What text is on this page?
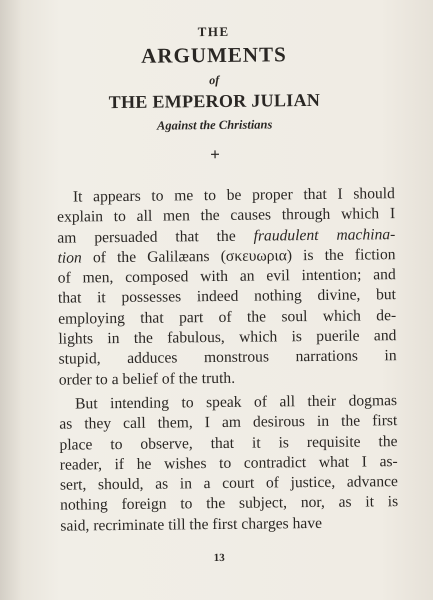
THE
ARGUMENTS
of
THE EMPEROR JULIAN
Against the Christians
+
It appears to me to be proper that I should
explain to all men the causes through which I
am persuaded that the fraudulent machina-
tion of the Galilæans (σκευωρια) is the fiction
of men, composed with an evil intention; and
that it possesses indeed nothing divine, but
employing that part of the soul which de-
lights in the fabulous, which is puerile and
stupid, adduces monstrous narrations in
order to a belief of the truth.
But intending to speak of all their dogmas
as they call them, I am desirous in the first
place to observe, that it is requisite the
reader, if he wishes to contradict what I as-
sert, should, as in a court of justice, advance
nothing foreign to the subject, nor, as it is
said, recriminate till the first charges have
13
